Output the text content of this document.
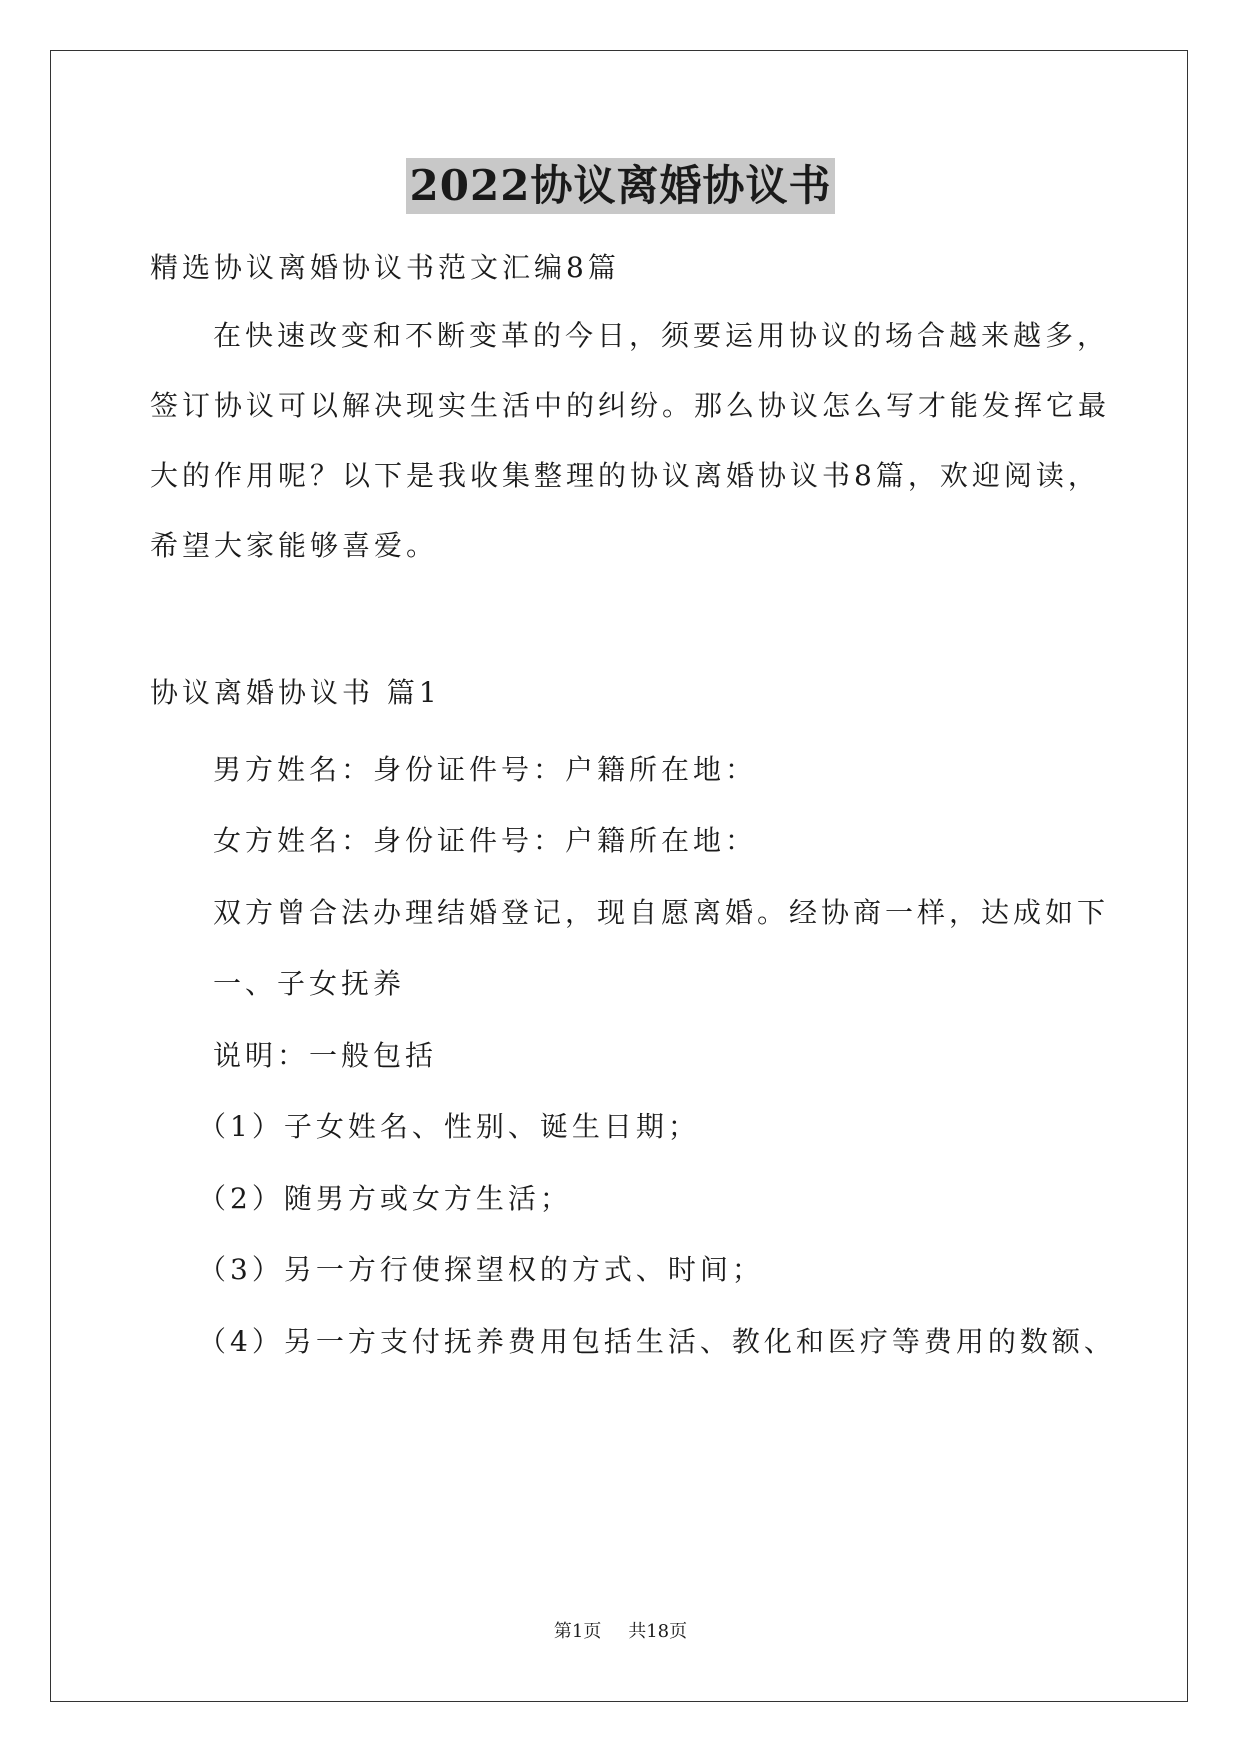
2022协议离婚协议书
精选协议离婚协议书范文汇编8篇
在快速改变和不断变革的今日，须要运用协议的场合越来越多，
签订协议可以解决现实生活中的纠纷。那么协议怎么写才能发挥它最
大的作用呢？以下是我收集整理的协议离婚协议书8篇，欢迎阅读，
希望大家能够喜爱。
协议离婚协议书 篇1
男方姓名：身份证件号：户籍所在地：
女方姓名：身份证件号：户籍所在地：
双方曾合法办理结婚登记，现自愿离婚。经协商一样，达成如下
一、子女抚养
说明：一般包括
（1）子女姓名、性别、诞生日期；
（2）随男方或女方生活；
（3）另一方行使探望权的方式、时间；
（4）另一方支付抚养费用包括生活、教化和医疗等费用的数额、
第1页 共18页
